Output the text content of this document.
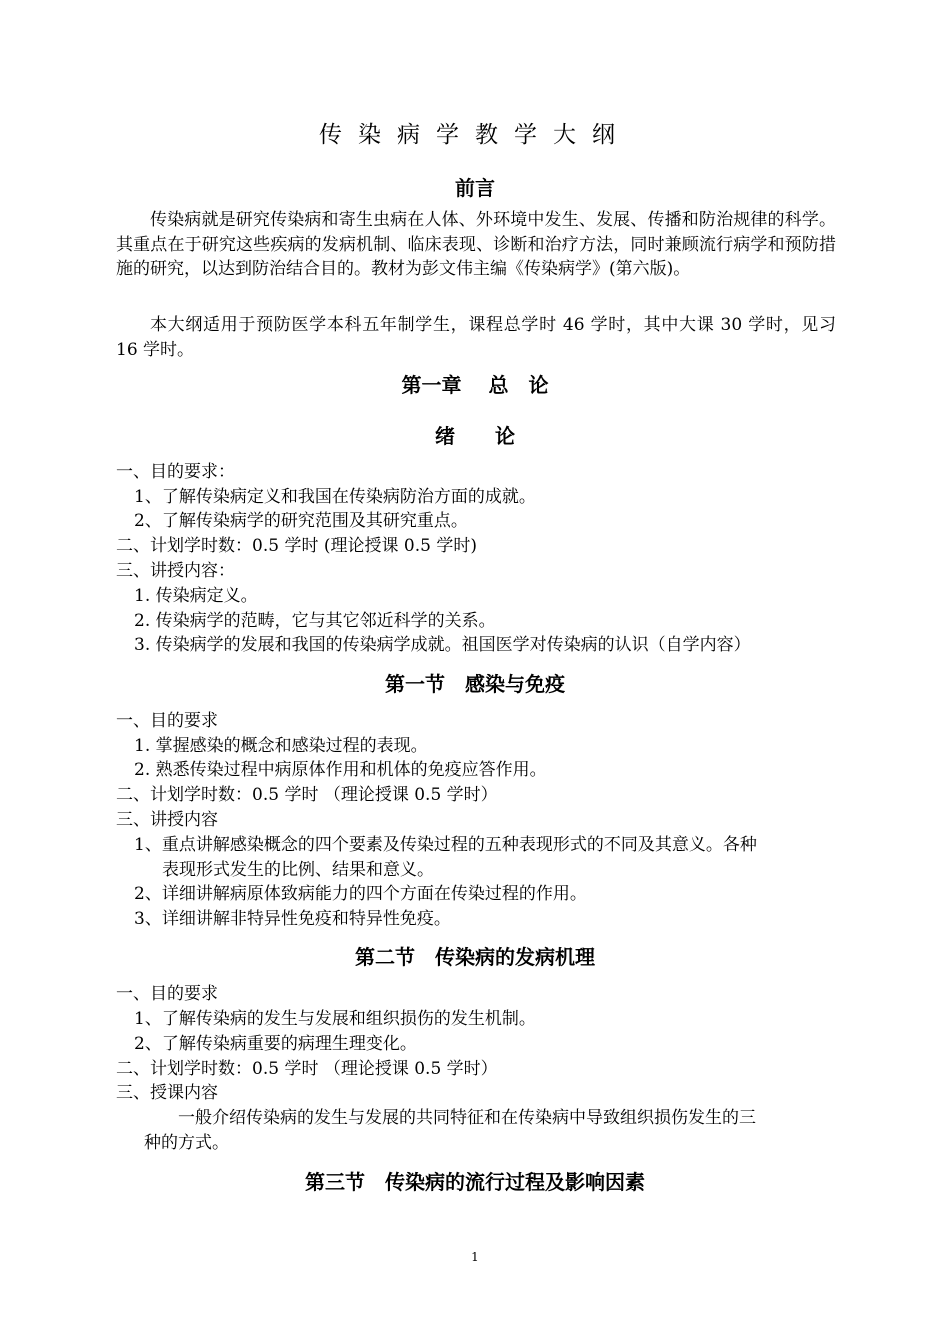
传染病学教学大纲
前言

传染病就是研究传染病和寄生虫病在人体、外环境中发生、发展、传播和防治规律的科学。其重点在于研究这些疾病的发病机制、临床表现、诊断和治疗方法，同时兼顾流行病学和预防措施的研究，以达到防治结合目的。教材为彭文伟主编《传染病学》(第六版)。

本大纲适用于预防医学本科五年制学生，课程总学时 46 学时，其中大课 30 学时，见习 16 学时。

第一章　 总　论
绪　　论
一、目的要求：
1、了解传染病定义和我国在传染病防治方面的成就。
2、了解传染病学的研究范围及其研究重点。
二、计划学时数：0.5 学时 (理论授课 0.5 学时)
三、讲授内容：
1. 传染病定义。
2. 传染病学的范畴，它与其它邻近科学的关系。
3. 传染病学的发展和我国的传染病学成就。祖国医学对传染病的认识（自学内容）
第一节　感染与免疫
一、目的要求
1. 掌握感染的概念和感染过程的表现。
2. 熟悉传染过程中病原体作用和机体的免疫应答作用。
二、计划学时数：0.5 学时 （理论授课 0.5 学时）
三、讲授内容
1、重点讲解感染概念的四个要素及传染过程的五种表现形式的不同及其意义。各种
表现形式发生的比例、结果和意义。
2、详细讲解病原体致病能力的四个方面在传染过程的作用。
3、详细讲解非特异性免疫和特异性免疫。
第二节　传染病的发病机理
一、目的要求
1、了解传染病的发生与发展和组织损伤的发生机制。
2、了解传染病重要的病理生理变化。
二、计划学时数：0.5 学时 （理论授课 0.5 学时）
三、授课内容
一般介绍传染病的发生与发展的共同特征和在传染病中导致组织损伤发生的三
种的方式。
第三节　传染病的流行过程及影响因素
1
